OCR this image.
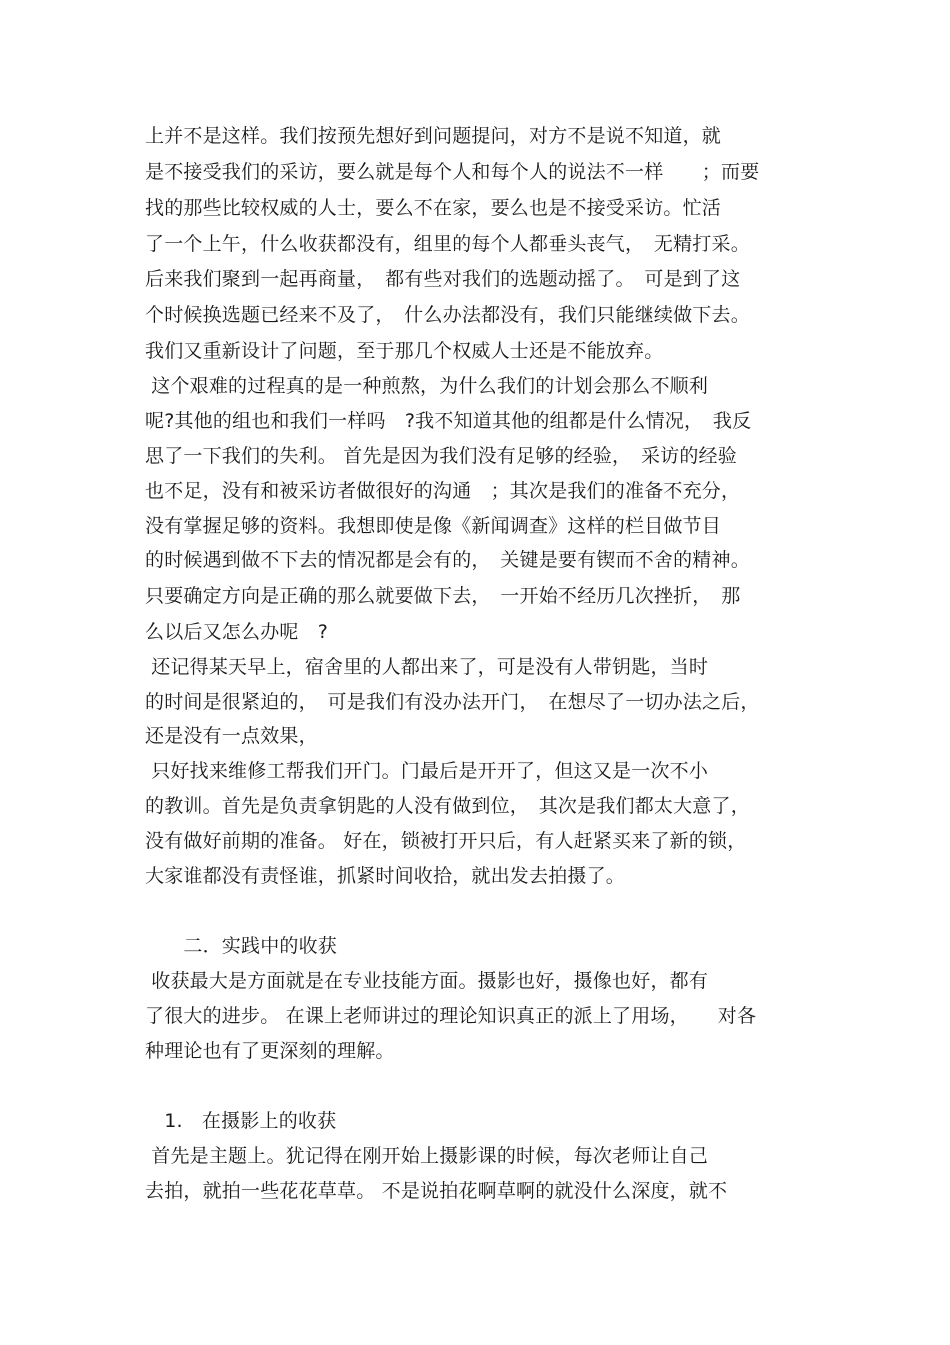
上并不是这样。我们按预先想好到问题提问，对方不是说不知道，就
是不接受我们的采访，要么就是每个人和每个人的说法不一样　　；而要
找的那些比较权威的人士，要么不在家，要么也是不接受采访。忙活
了一个上午，什么收获都没有，组里的每个人都垂头丧气，　无精打采。
后来我们聚到一起再商量，　都有些对我们的选题动摇了。　可是到了这
个时候换选题已经来不及了，　什么办法都没有，我们只能继续做下去。
我们又重新设计了问题，至于那几个权威人士还是不能放弃。
这个艰难的过程真的是一种煎熬，为什么我们的计划会那么不顺利
呢?其他的组也和我们一样吗　?我不知道其他的组都是什么情况，　我反
思了一下我们的失利。 首先是因为我们没有足够的经验，　采访的经验
也不足，没有和被采访者做很好的沟通　；其次是我们的准备不充分，
没有掌握足够的资料。我想即使是像《新闻调查》这样的栏目做节目
的时候遇到做不下去的情况都是会有的，　关键是要有锲而不舍的精神。
只要确定方向是正确的那么就要做下去，　一开始不经历几次挫折，　那
么以后又怎么办呢　?
还记得某天早上，宿舍里的人都出来了，可是没有人带钥匙，当时
的时间是很紧迫的，　可是我们有没办法开门，　在想尽了一切办法之后，
还是没有一点效果，
只好找来维修工帮我们开门。门最后是开开了，但这又是一次不小
的教训。首先是负责拿钥匙的人没有做到位，　其次是我们都太大意了，
没有做好前期的准备。 好在，锁被打开只后，有人赶紧买来了新的锁，
大家谁都没有责怪谁，抓紧时间收拾，就出发去拍摄了。
　　二．实践中的收获
收获最大是方面就是在专业技能方面。摄影也好，摄像也好，都有
了很大的进步。 在课上老师讲过的理论知识真正的派上了用场，　　对各
种理论也有了更深刻的理解。
　1.　在摄影上的收获
首先是主题上。犹记得在刚开始上摄影课的时候，每次老师让自己
去拍，就拍一些花花草草。 不是说拍花啊草啊的就没什么深度，就不
